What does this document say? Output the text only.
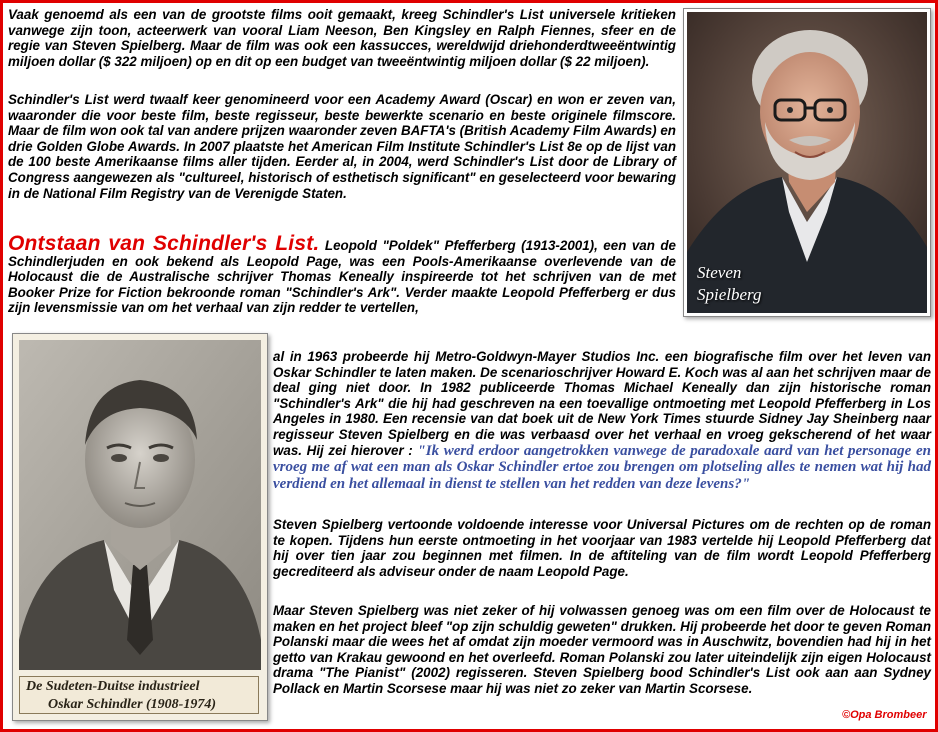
Vaak genoemd als een van de grootste films ooit gemaakt, kreeg Schindler's List universele kritieken vanwege zijn toon, acteerwerk van vooral Liam Neeson, Ben Kingsley en Ralph Fiennes, sfeer en de regie van Steven Spielberg. Maar de film was ook een kassucces, wereldwijd driehonderdtweeëntwintig miljoen dollar ($ 322 miljoen) op en dit op een budget van tweeëntwintig miljoen dollar ($ 22 miljoen).

Schindler's List werd twaalf keer genomineerd voor een Academy Award (Oscar) en won er zeven van, waaronder die voor beste film, beste regisseur, beste bewerkte scenario en beste originele filmscore. Maar de film won ook tal van andere prijzen waaronder zeven BAFTA's (British Academy Film Awards) en drie Golden Globe Awards. In 2007 plaatste het American Film Institute Schindler's List 8e op de lijst van de 100 beste Amerikaanse films aller tijden. Eerder al, in 2004, werd Schindler's List door de Library of Congress aangewezen als "cultureel, historisch of esthetisch significant" en geselecteerd voor bewaring in de National Film Registry van de Verenigde Staten.

Ontstaan van Schindler's List. Leopold "Poldek" Pfefferberg (1913-2001), een van de Schindlerjuden en ook bekend als Leopold Page, was een Pools-Amerikaanse overlevende van de Holocaust die de Australische schrijver Thomas Keneally inspireerde tot het schrijven van de met Booker Prize for Fiction bekroonde roman "Schindler's Ark". Verder maakte Leopold Pfefferberg er dus zijn levensmissie van om het verhaal van zijn redder te vertellen,

al in 1963 probeerde hij Metro-Goldwyn-Mayer Studios Inc. een biografische film over het leven van Oskar Schindler te laten maken. De scenarioschrijver Howard E. Koch was al aan het schrijven maar de deal ging niet door. In 1982 publiceerde Thomas Michael Keneally dan zijn historische roman "Schindler's Ark" die hij had geschreven na een toevallige ontmoeting met Leopold Pfefferberg in Los Angeles in 1980. Een recensie van dat boek uit de New York Times stuurde Sidney Jay Sheinberg naar regisseur Steven Spielberg en die was verbaasd over het verhaal en vroeg gekscherend of het waar was. Hij zei hierover : "Ik werd erdoor aangetrokken vanwege de paradoxale aard van het personage en vroeg me af wat een man als Oskar Schindler ertoe zou brengen om plotseling alles te nemen wat hij had verdiend en het allemaal in dienst te stellen van het redden van deze levens?"

Steven Spielberg vertoonde voldoende interesse voor Universal Pictures om de rechten op de roman te kopen. Tijdens hun eerste ontmoeting in het voorjaar van 1983 vertelde hij Leopold Pfefferberg dat hij over tien jaar zou beginnen met filmen. In de aftiteling van de film wordt Leopold Pfefferberg gecrediteerd als adviseur onder de naam Leopold Page.

Maar Steven Spielberg was niet zeker of hij volwassen genoeg was om een film over de Holocaust te maken en het project bleef "op zijn schuldig geweten" drukken. Hij probeerde het door te geven Roman Polanski maar die wees het af omdat zijn moeder vermoord was in Auschwitz, bovendien had hij in het getto van Krakau gewoond en het overleefd. Roman Polanski zou later uiteindelijk zijn eigen Holocaust drama "The Pianist" (2002) regisseren. Steven Spielberg bood Schindler's List ook aan aan Sydney Pollack en Martin Scorsese maar hij was niet zo zeker van Martin Scorsese.

Steven
Spielberg
De Sudeten-Duitse industrieel
Oskar Schindler (1908-1974)
©Opa Brombeer
